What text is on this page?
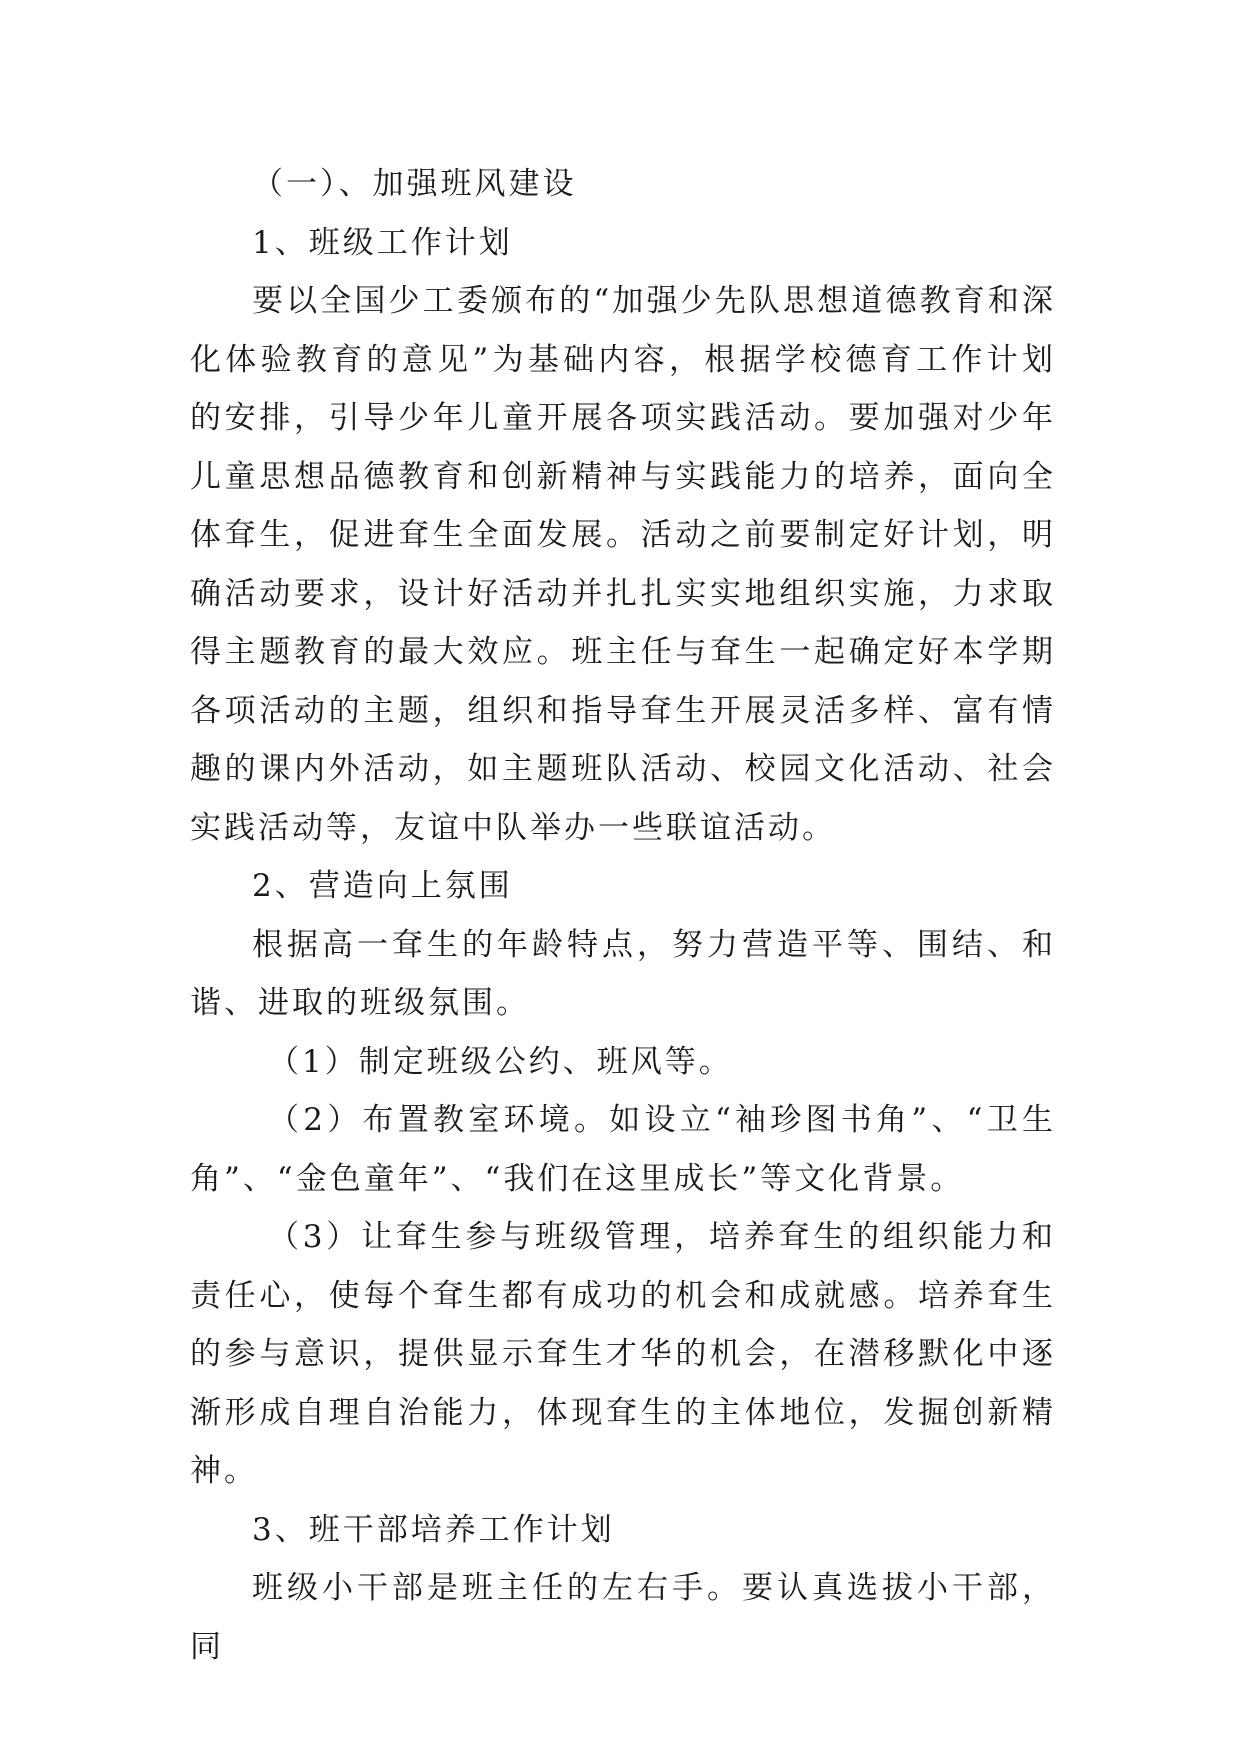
（一）、加强班风建设

1、班级工作计划

要以全国少工委颁布的“加强少先队思想道德教育和深化体验教育的意见”为基础内容，根据学校德育工作计划的安排，引导少年儿童开展各项实践活动。要加强对少年儿童思想品德教育和创新精神与实践能力的培养，面向全体耷生，促进耷生全面发展。活动之前要制定好计划，明确活动要求，设计好活动并扎扎实实地组织实施，力求取得主题教育的最大效应。班主任与耷生一起确定好本学期各项活动的主题，组织和指导耷生开展灵活多样、富有情趣的课内外活动，如主题班队活动、校园文化活动、社会实践活动等，友谊中队举办一些联谊活动。

2、营造向上氛围

根据高一耷生的年龄特点，努力营造平等、围结、和谐、进取的班级氛围。

（1）制定班级公约、班风等。

（2）布置教室环境。如设立“袖珍图书角”、“卫生角”、“金色童年”、“我们在这里成长”等文化背景。

（3）让耷生参与班级管理，培养耷生的组织能力和责任心，使每个耷生都有成功的机会和成就感。培养耷生的参与意识，提供显示耷生才华的机会，在潜移默化中逐渐形成自理自治能力，体现耷生的主体地位，发掘创新精神。

3、班干部培养工作计划

班级小干部是班主任的左右手。要认真选拔小干部，同
